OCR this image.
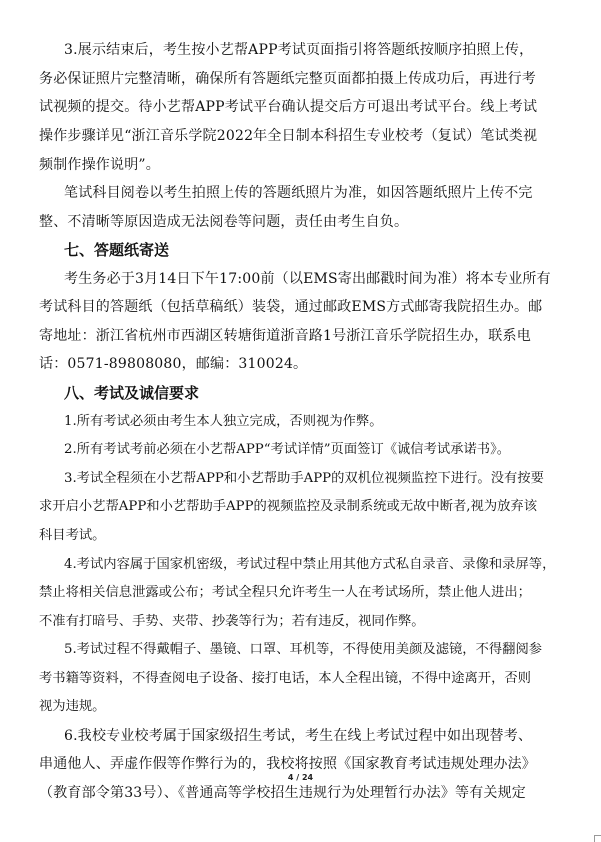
3.展示结束后，考生按小艺帮APP考试页面指引将答题纸按顺序拍照上传，
务必保证照片完整清晰，确保所有答题纸完整页面都拍摄上传成功后，再进行考
试视频的提交。待小艺帮APP考试平台确认提交后方可退出考试平台。线上考试
操作步骤详见“浙江音乐学院2022年全日制本科招生专业校考（复试）笔试类视
频制作操作说明”。
笔试科目阅卷以考生拍照上传的答题纸照片为准，如因答题纸照片上传不完
整、不清晰等原因造成无法阅卷等问题，责任由考生自负。
七、答题纸寄送
考生务必于3月14日下午17:00前（以EMS寄出邮戳时间为准）将本专业所有
考试科目的答题纸（包括草稿纸）装袋，通过邮政EMS方式邮寄我院招生办。邮
寄地址：浙江省杭州市西湖区转塘街道浙音路1号浙江音乐学院招生办，联系电
话：0571-89808080，邮编：310024。
八、考试及诚信要求
1.所有考试必须由考生本人独立完成，否则视为作弊。
2.所有考试考前必须在小艺帮APP“考试详情”页面签订《诚信考试承诺书》。
3.考试全程须在小艺帮APP和小艺帮助手APP的双机位视频监控下进行。没有按要
求开启小艺帮APP和小艺帮助手APP的视频监控及录制系统或无故中断者,视为放弃该
科目考试。
4.考试内容属于国家机密级，考试过程中禁止用其他方式私自录音、录像和录屏等，
禁止将相关信息泄露或公布；考试全程只允许考生一人在考试场所，禁止他人进出；
不准有打暗号、手势、夹带、抄袭等行为；若有违反，视同作弊。
5.考试过程不得戴帽子、墨镜、口罩、耳机等，不得使用美颜及滤镜，不得翻阅参
考书籍等资料，不得查阅电子设备、接打电话，本人全程出镜，不得中途离开，否则
视为违规。
6.我校专业校考属于国家级招生考试，考生在线上考试过程中如出现替考、
串通他人、弄虚作假等作弊行为的，我校将按照《国家教育考试违规处理办法》
（教育部令第33号）、《普通高等学校招生违规行为处理暂行办法》等有关规定
4 / 24
